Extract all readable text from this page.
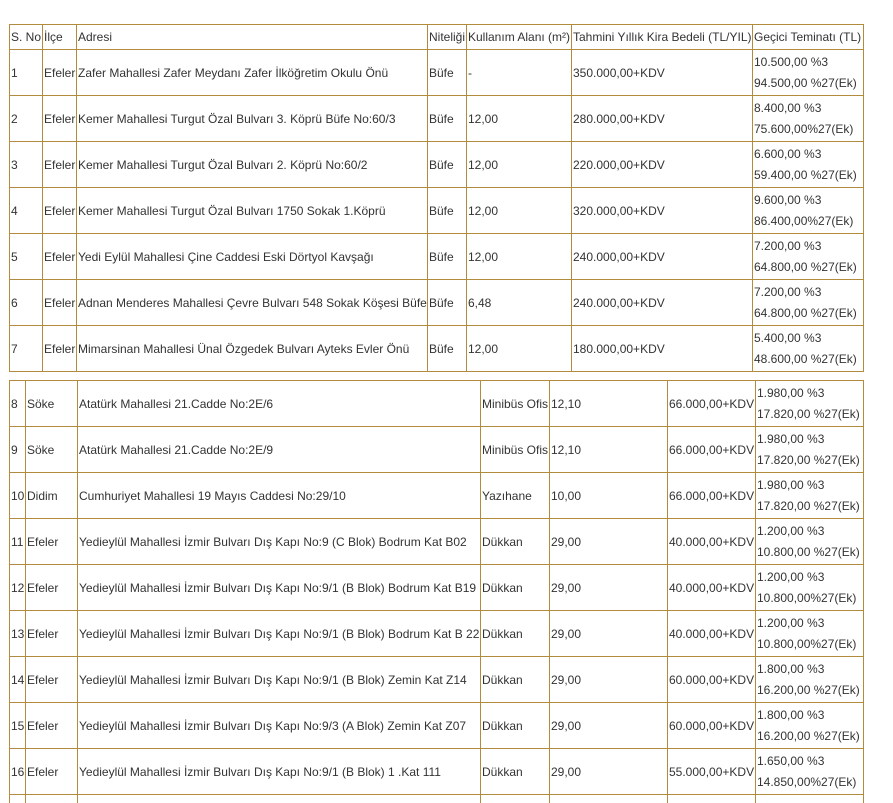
S. No	İlçe	Adresi	Niteliği	Kullanım Alanı (m²)	Tahmini Yıllık Kira Bedeli (TL/YIL)	Geçici Teminatı (TL)
1	Efeler	Zafer Mahallesi Zafer Meydanı Zafer İlköğretim Okulu Önü	Büfe	-	350.000,00+KDV	10.500,00 %3
94.500,00 %27(Ek)

2	Efeler	Kemer Mahallesi Turgut Özal Bulvarı 3. Köprü Büfe No:60/3	Büfe	12,00	280.000,00+KDV	8.400,00 %3
75.600,00%27(Ek)

3	Efeler	Kemer Mahallesi Turgut Özal Bulvarı 2. Köprü No:60/2	Büfe	12,00	220.000,00+KDV	6.600,00 %3
59.400,00 %27(Ek)

4	Efeler	Kemer Mahallesi Turgut Özal Bulvarı 1750 Sokak 1.Köprü	Büfe	12,00	320.000,00+KDV	9.600,00 %3
86.400,00%27(Ek)

5	Efeler	Yedi Eylül Mahallesi Çine Caddesi Eski Dörtyol Kavşağı	Büfe	12,00	240.000,00+KDV	7.200,00 %3
64.800,00 %27(Ek)

6	Efeler	Adnan Menderes Mahallesi Çevre Bulvarı 548 Sokak Köşesi Büfe	Büfe	6,48	240.000,00+KDV	7.200,00 %3
64.800,00 %27(Ek)

7	Efeler	Mimarsinan Mahallesi Ünal Özgedek Bulvarı Ayteks Evler Önü	Büfe	12,00	180.000,00+KDV	5.400,00 %3
48.600,00 %27(Ek)
8	Söke	Atatürk Mahallesi 21.Cadde No:2E/6	Minibüs Ofis	12,10	66.000,00+KDV	1.980,00 %3
17.820,00 %27(Ek)

9	Söke	Atatürk Mahallesi 21.Cadde No:2E/9	Minibüs Ofis	12,10	66.000,00+KDV	1.980,00 %3
17.820,00 %27(Ek)

10	Didim	Cumhuriyet Mahallesi 19 Mayıs Caddesi No:29/10	Yazıhane	10,00	66.000,00+KDV	1.980,00 %3
17.820,00 %27(Ek)

11	Efeler	Yedieylül Mahallesi İzmir Bulvarı Dış Kapı No:9 (C Blok) Bodrum Kat B02	Dükkan	29,00	40.000,00+KDV	1.200,00 %3
10.800,00 %27(Ek)

12	Efeler	Yedieylül Mahallesi İzmir Bulvarı Dış Kapı No:9/1 (B Blok) Bodrum Kat B19	Dükkan	29,00	40.000,00+KDV	1.200,00 %3
10.800,00%27(Ek)

13	Efeler	Yedieylül Mahallesi İzmir Bulvarı Dış Kapı No:9/1 (B Blok) Bodrum Kat B 22	Dükkan	29,00	40.000,00+KDV	1.200,00 %3
10.800,00%27(Ek)

14	Efeler	Yedieylül Mahallesi İzmir Bulvarı Dış Kapı No:9/1 (B Blok) Zemin Kat Z14	Dükkan	29,00	60.000,00+KDV	1.800,00 %3
16.200,00 %27(Ek)

15	Efeler	Yedieylül Mahallesi İzmir Bulvarı Dış Kapı No:9/3 (A Blok) Zemin Kat Z07	Dükkan	29,00	60.000,00+KDV	1.800,00 %3
16.200,00 %27(Ek)

16	Efeler	Yedieylül Mahallesi İzmir Bulvarı Dış Kapı No:9/1 (B Blok) 1 .Kat 111	Dükkan	29,00	55.000,00+KDV	1.650,00 %3
14.850,00%27(Ek)
